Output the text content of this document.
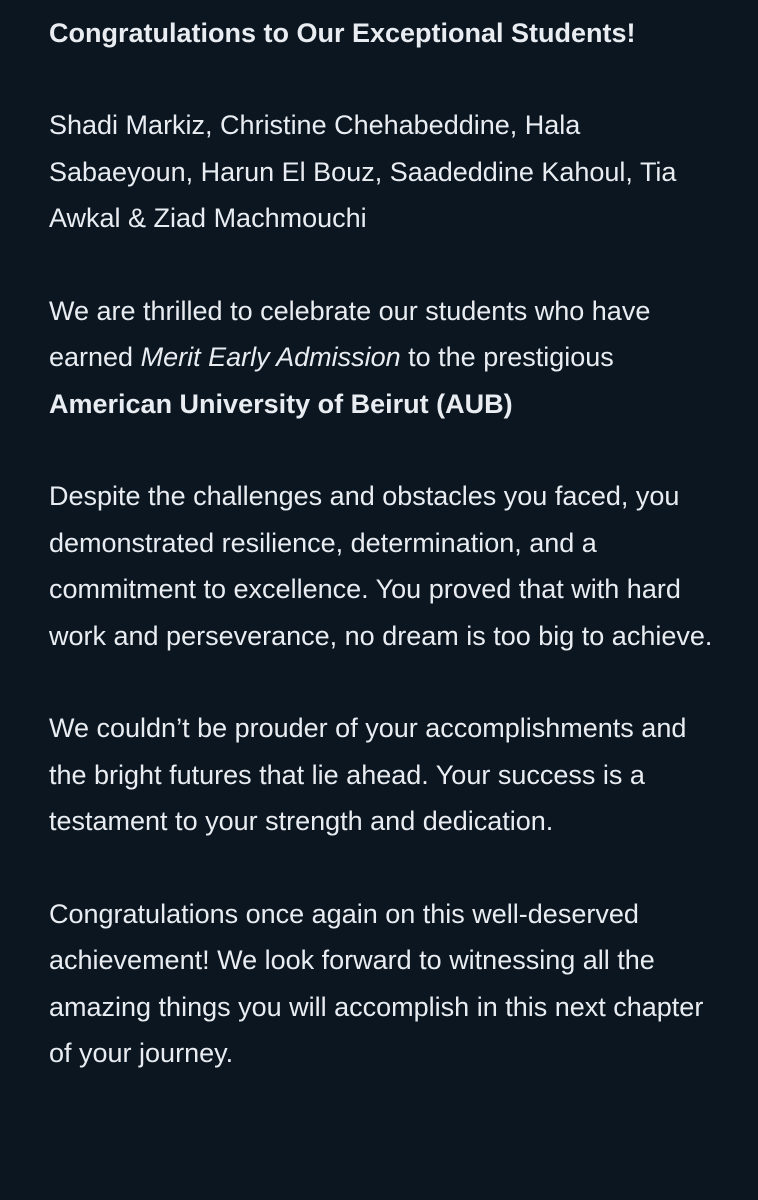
Congratulations to Our Exceptional Students!

Shadi Markiz, Christine Chehabeddine, Hala Sabaeyoun, Harun El Bouz, Saadeddine Kahoul, Tia Awkal & Ziad Machmouchi

We are thrilled to celebrate our students who have earned Merit Early Admission to the prestigious American University of Beirut (AUB)

Despite the challenges and obstacles you faced, you demonstrated resilience, determination, and a commitment to excellence. You proved that with hard work and perseverance, no dream is too big to achieve.

We couldn’t be prouder of your accomplishments and the bright futures that lie ahead. Your success is a testament to your strength and dedication.

Congratulations once again on this well-deserved achievement! We look forward to witnessing all the amazing things you will accomplish in this next chapter of your journey.
